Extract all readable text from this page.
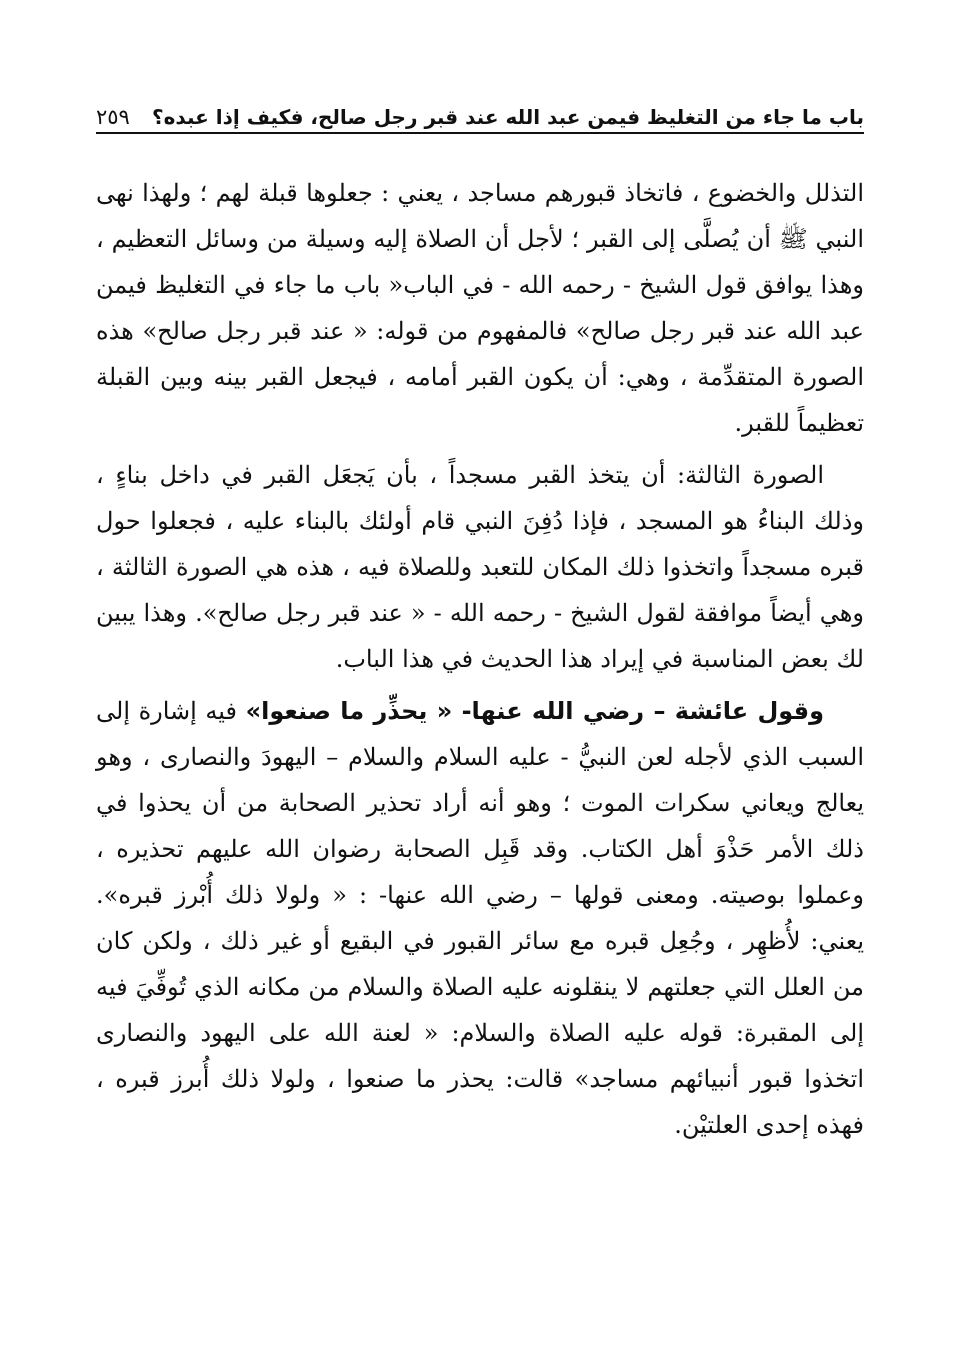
باب ما جاء من التغليظ فيمن عبد الله عند قبر رجل صالح، فكيف إذا عبده؟
٢٥٩

التذلل والخضوع ، فاتخاذ قبورهم مساجد ، يعني : جعلوها قبلة لهم ؛ ولهذا نهى النبي ﷺ أن يُصلَّى إلى القبر ؛ لأجل أن الصلاة إليه وسيلة من وسائل التعظيم ، وهذا يوافق قول الشيخ - رحمه الله - في الباب« باب ما جاء في التغليظ فيمن عبد الله عند قبر رجل صالح» فالمفهوم من قوله: « عند قبر رجل صالح» هذه الصورة المتقدِّمة ، وهي: أن يكون القبر أمامه ، فيجعل القبر بينه وبين القبلة تعظيماً للقبر.

الصورة الثالثة: أن يتخذ القبر مسجداً ، بأن يَجعَل القبر في داخل بناءٍ ، وذلك البناءُ هو المسجد ، فإذا دُفِنَ النبي قام أولئك بالبناء عليه ، فجعلوا حول قبره مسجداً واتخذوا ذلك المكان للتعبد وللصلاة فيه ، هذه هي الصورة الثالثة ، وهي أيضاً موافقة لقول الشيخ - رحمه الله - « عند قبر رجل صالح». وهذا يبين لك بعض المناسبة في إيراد هذا الحديث في هذا الباب.

وقول عائشة – رضي الله عنها- « يحذِّر ما صنعوا» فيه إشارة إلى السبب الذي لأجله لعن النبيُّ - عليه السلام والسلام – اليهودَ والنصارى ، وهو يعالج ويعاني سكرات الموت ؛ وهو أنه أراد تحذير الصحابة من أن يحذوا في ذلك الأمر حَذْوَ أهل الكتاب. وقد قَبِل الصحابة رضوان الله عليهم تحذيره ، وعملوا بوصيته. ومعنى قولها – رضي الله عنها- : « ولولا ذلك أُبْرز قبره». يعني: لأُظهِر ، وجُعِل قبره مع سائر القبور في البقيع أو غير ذلك ، ولكن كان من العلل التي جعلتهم لا ينقلونه عليه الصلاة والسلام من مكانه الذي تُوفِّيَ فيه إلى المقبرة: قوله عليه الصلاة والسلام: « لعنة الله على اليهود والنصارى اتخذوا قبور أنبيائهم مساجد» قالت: يحذر ما صنعوا ، ولولا ذلك أُبرز قبره ، فهذه إحدى العلتيْن.
